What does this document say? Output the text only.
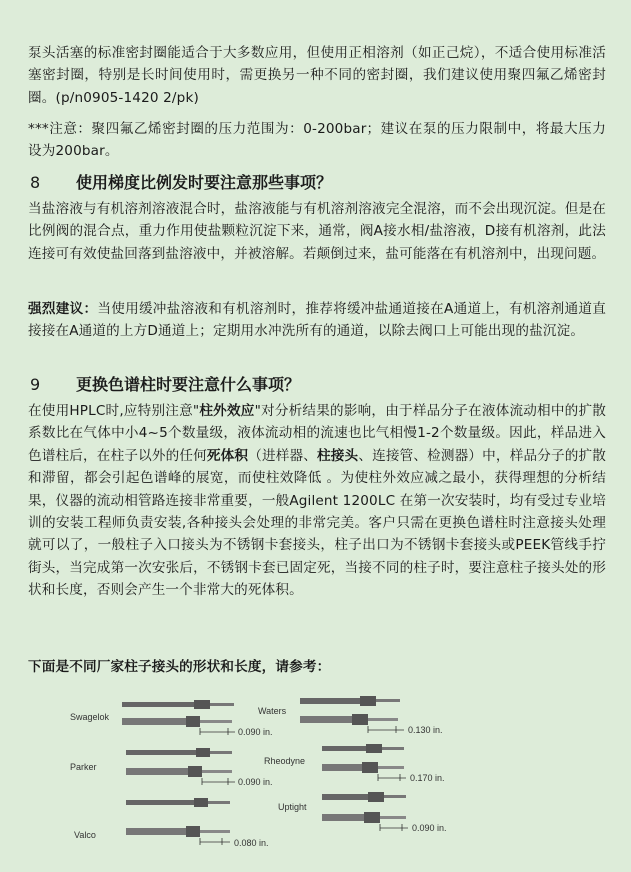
泵头活塞的标准密封圈能适合于大多数应用，但使用正相溶剂（如正己烷），不适合使用标准活塞密封圈，特别是长时间使用时，需更换另一种不同的密封圈，我们建议使用聚四氟乙烯密封圈。(p/n0905-1420 2/pk)
***注意：聚四氟乙烯密封圈的压力范围为：0-200bar；建议在泵的压力限制中，将最大压力设为200bar。
8 使用梯度比例发时要注意那些事项？
当盐溶液与有机溶剂溶液混合时，盐溶液能与有机溶剂溶液完全混溶，而不会出现沉淀。但是在比例阀的混合点，重力作用使盐颗粒沉淀下来，通常，阀A接水相/盐溶液，D接有机溶剂，此法连接可有效使盐回落到盐溶液中，并被溶解。若颠倒过来，盐可能落在有机溶剂中，出现问题。
强烈建议：当使用缓冲盐溶液和有机溶剂时，推荐将缓冲盐通道接在A通道上，有机溶剂通道直接接在A通道的上方D通道上；定期用水冲洗所有的通道，以除去阀口上可能出现的盐沉淀。
9 更换色谱柱时要注意什么事项？
在使用HPLC时,应特别注意"柱外效应"对分析结果的影响，由于样品分子在液体流动相中的扩散系数比在气体中小4~5个数量级，液体流动相的流速也比气相慢1-2个数量级。因此，样品进入色谱柱后，在柱子以外的任何死体积（进样器、柱接头、连接管、检测器）中，样品分子的扩散和滞留，都会引起色谱峰的展宽，而使柱效降低 。为使柱外效应减之最小，获得理想的分析结果，仪器的流动相管路连接非常重要，一般Agilent 1200LC 在第一次安装时，均有受过专业培训的安装工程师负责安装,各种接头会处理的非常完美。客户只需在更换色谱柱时注意接头处理就可以了，一般柱子入口接头为不锈钢卡套接头，柱子出口为不锈钢卡套接头或PEEK管线手拧街头，当完成第一次安张后，不锈钢卡套已固定死，当接不同的柱子时，要注意柱子接头处的形状和长度，否则会产生一个非常大的死体积。
下面是不同厂家柱子接头的形状和长度，请参考：
Swagelok
0.090 in.
Parker
0.090 in.
Valco
0.080 in.
Waters
0.130 in.
Rheodyne
0.170 in.
Uptight
0.090 in.
